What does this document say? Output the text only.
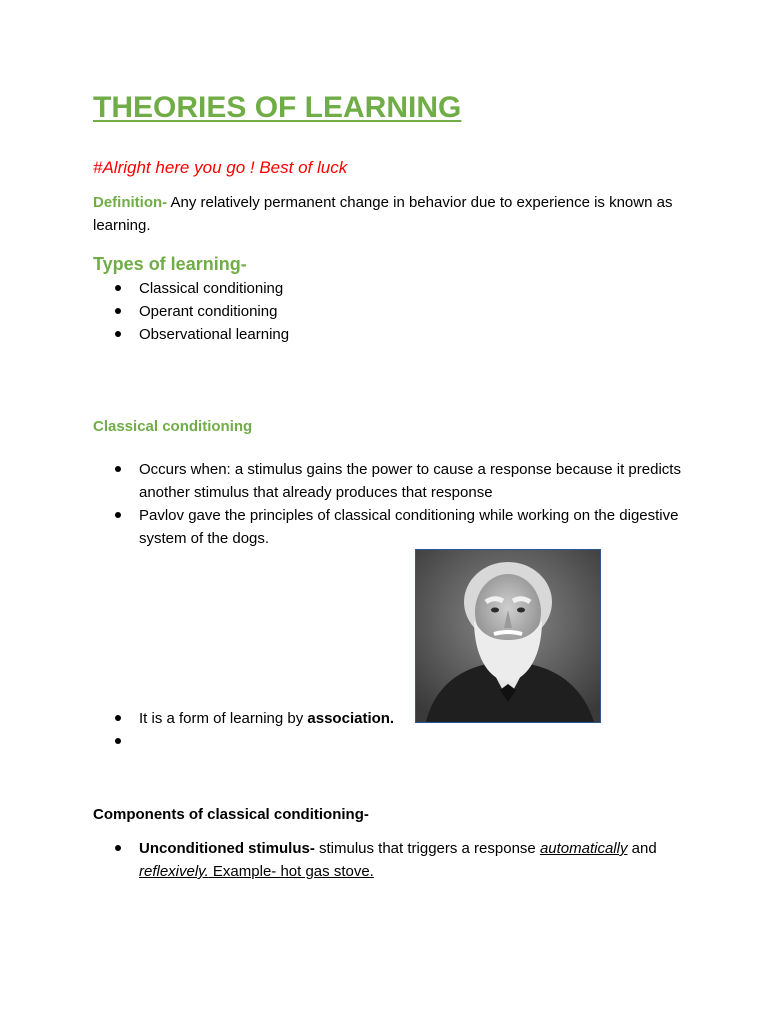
THEORIES OF LEARNING

#Alright here you go ! Best of luck

Definition- Any relatively permanent change in behavior due to experience is known as learning.

Types of learning-
Classical conditioning
Operant conditioning
Observational learning
Classical conditioning
Occurs when: a stimulus gains the power to cause a response because it predicts another stimulus that already produces that response
Pavlov gave the principles of classical conditioning while working on the digestive system of the dogs.
It is a form of learning by association.

Components of classical conditioning-

Unconditioned stimulus- stimulus that triggers a response automatically and reflexively. Example- hot gas stove.
